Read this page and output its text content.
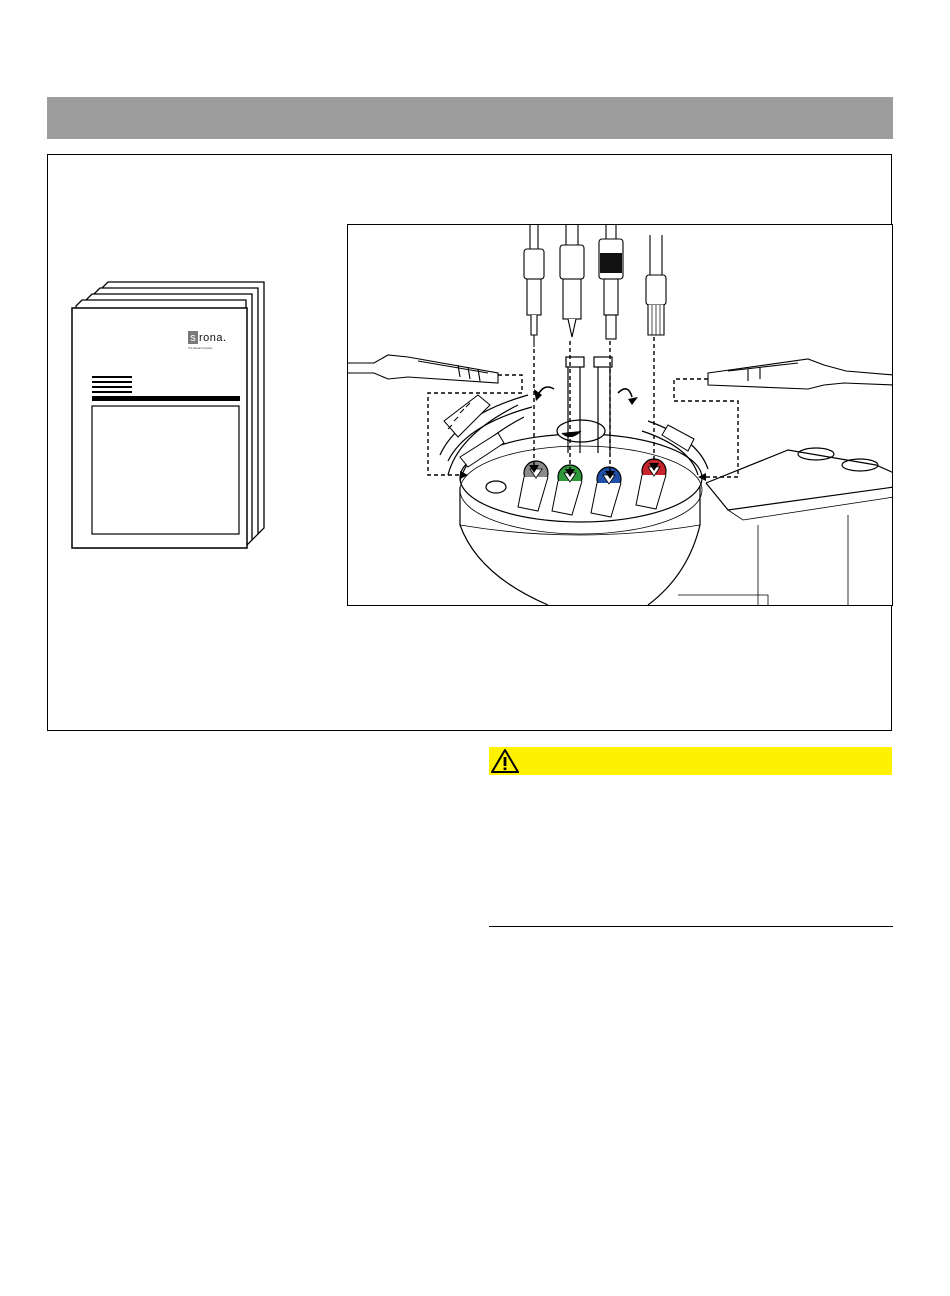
s rona.
The Dental Company
